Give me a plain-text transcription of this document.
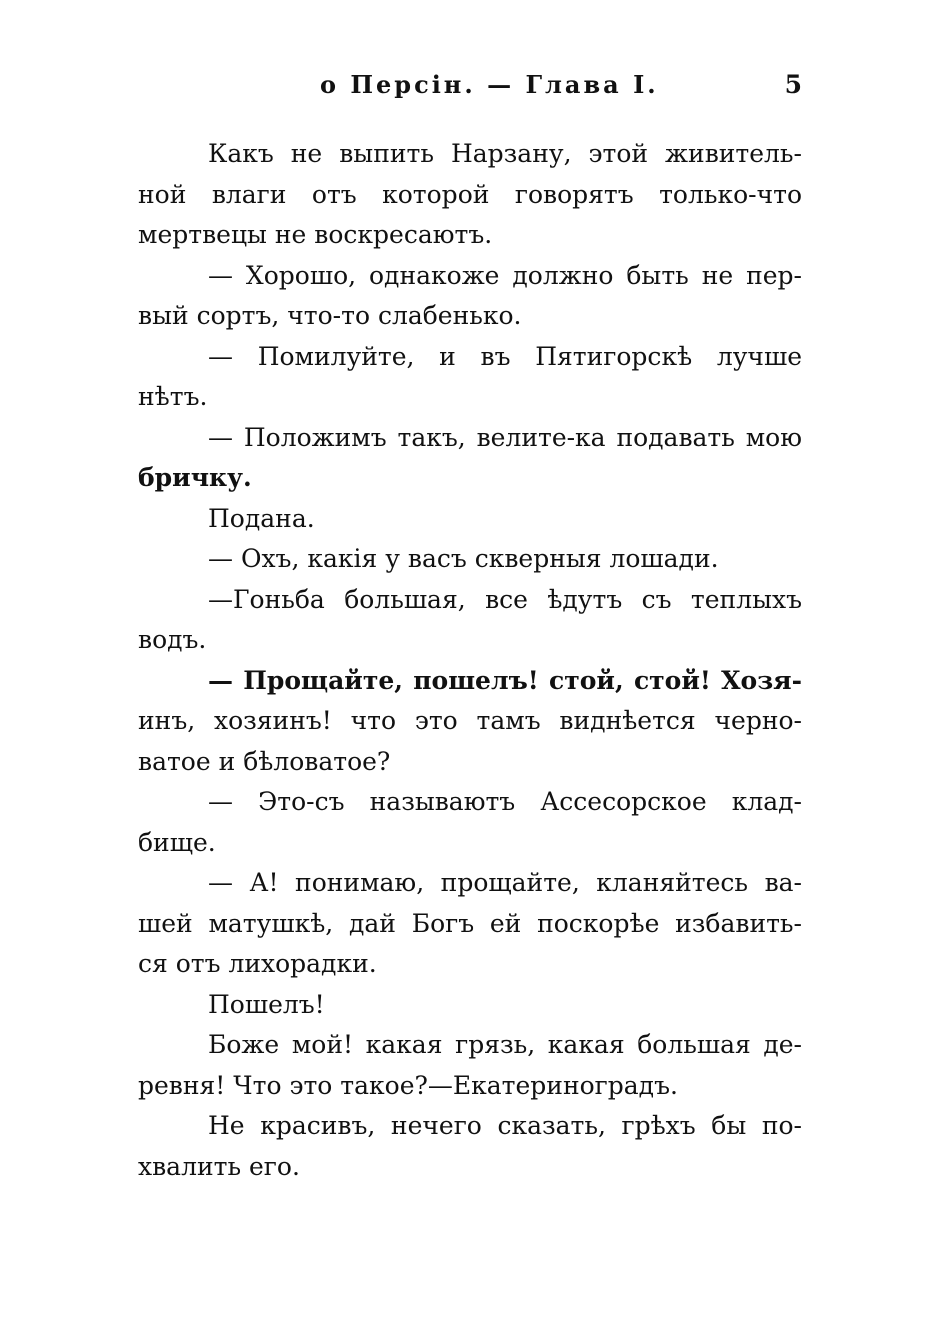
о Персін. — Глава I.	5
Какъ не выпить Нарзану, этой живитель-
ной влаги отъ которой говорятъ только-что
мертвецы не воскресаютъ.
— Хорошо, однакоже должно быть не пер-
вый сортъ, что-то слабенько.
— Помилуйте, и въ Пятигорскѣ лучше
нѣтъ.
— Положимъ такъ, велите-ка подавать мою
бричку.
Подана.
— Охъ, какія у васъ скверныя лошади.
—Гоньба большая, все ѣдутъ съ теплыхъ
водъ.
— Прощайте, пошелъ! стой, стой! Хозя-
инъ, хозяинъ! что это тамъ виднѣется черно-
ватое и бѣловатое?
— Это-съ называютъ Ассесорское клад-
бище.
— А! понимаю, прощайте, кланяйтесь ва-
шей матушкѣ, дай Богъ ей поскорѣе избавить-
ся отъ лихорадки.
Пошелъ!
Боже мой! какая грязь, какая большая де-
ревня! Что это такое?—Екатериноградъ.
Не красивъ, нечего сказать, грѣхъ бы по-
хвалить его.
